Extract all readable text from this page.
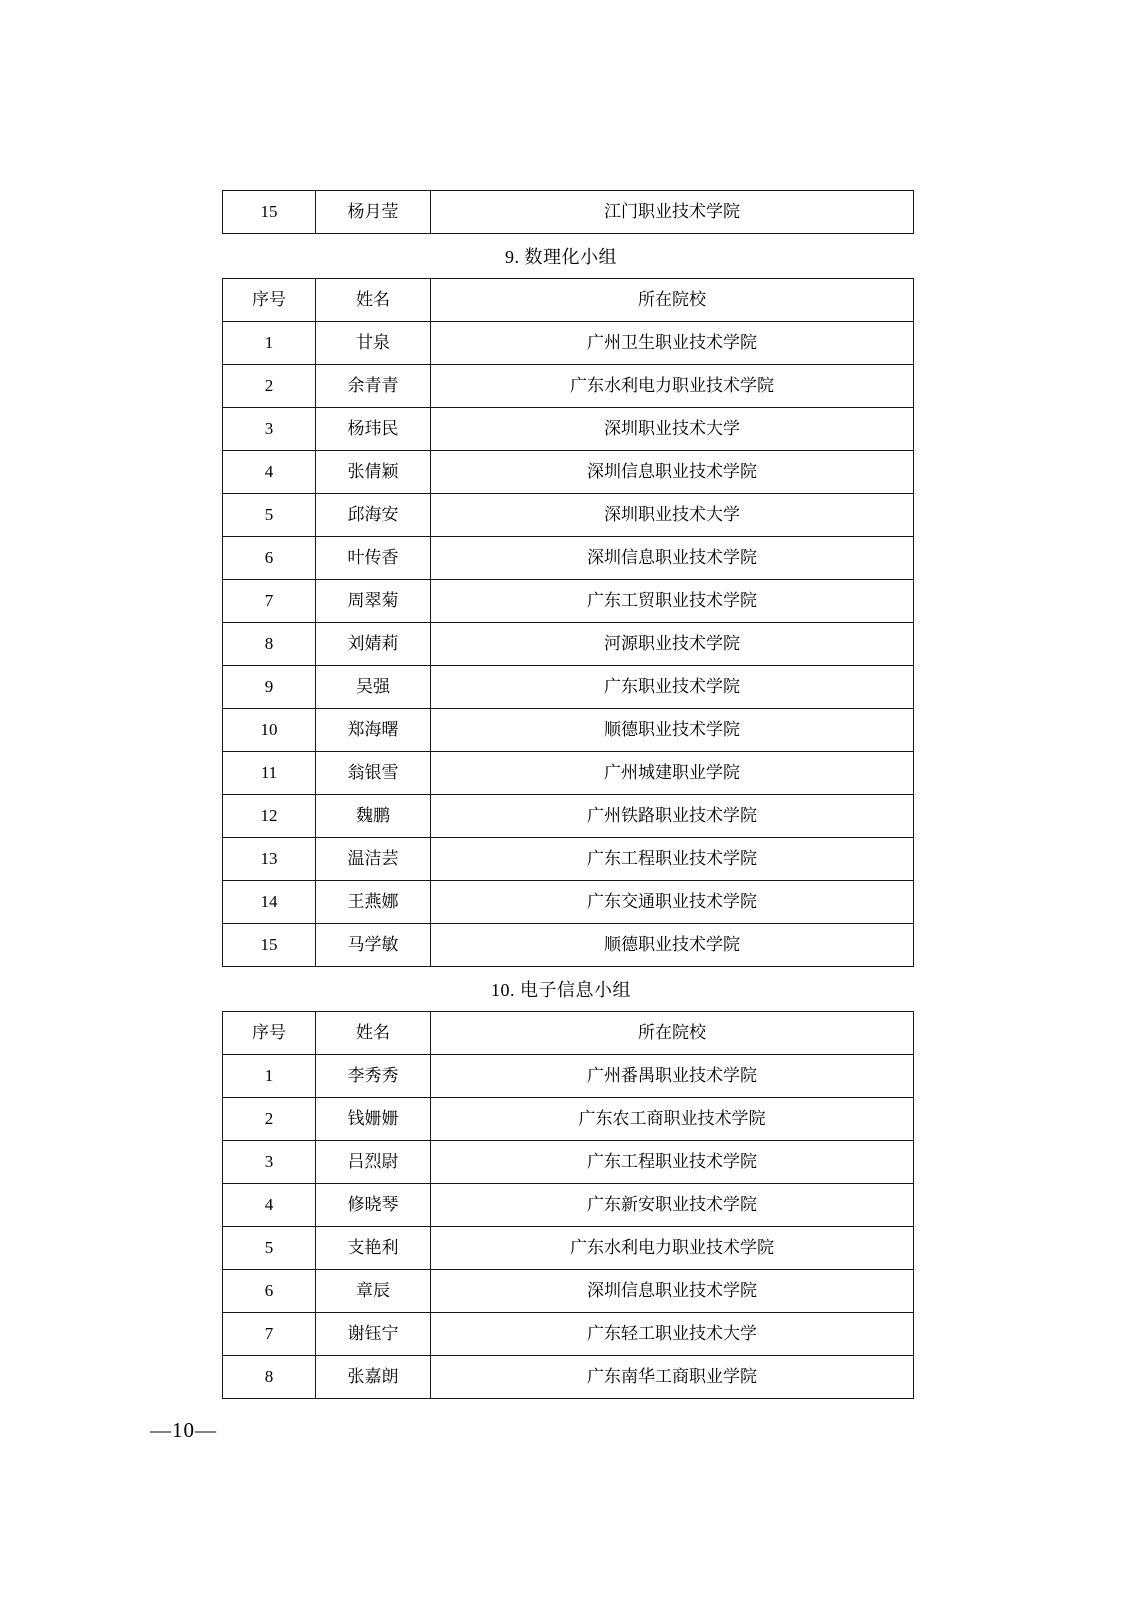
15	杨月莹	江门职业技术学院
9. 数理化小组
序号	姓名	所在院校
1	甘泉	广州卫生职业技术学院
2	余青青	广东水利电力职业技术学院
3	杨玮民	深圳职业技术大学
4	张倩颖	深圳信息职业技术学院
5	邱海安	深圳职业技术大学
6	叶传香	深圳信息职业技术学院
7	周翠菊	广东工贸职业技术学院
8	刘婧莉	河源职业技术学院
9	吴强	广东职业技术学院
10	郑海曙	顺德职业技术学院
11	翁银雪	广州城建职业学院
12	魏鹏	广州铁路职业技术学院
13	温洁芸	广东工程职业技术学院
14	王燕娜	广东交通职业技术学院
15	马学敏	顺德职业技术学院
10. 电子信息小组
序号	姓名	所在院校
1	李秀秀	广州番禺职业技术学院
2	钱姗姗	广东农工商职业技术学院
3	吕烈尉	广东工程职业技术学院
4	修晓琴	广东新安职业技术学院
5	支艳利	广东水利电力职业技术学院
6	章辰	深圳信息职业技术学院
7	谢钰宁	广东轻工职业技术大学
8	张嘉朗	广东南华工商职业学院
—10—
